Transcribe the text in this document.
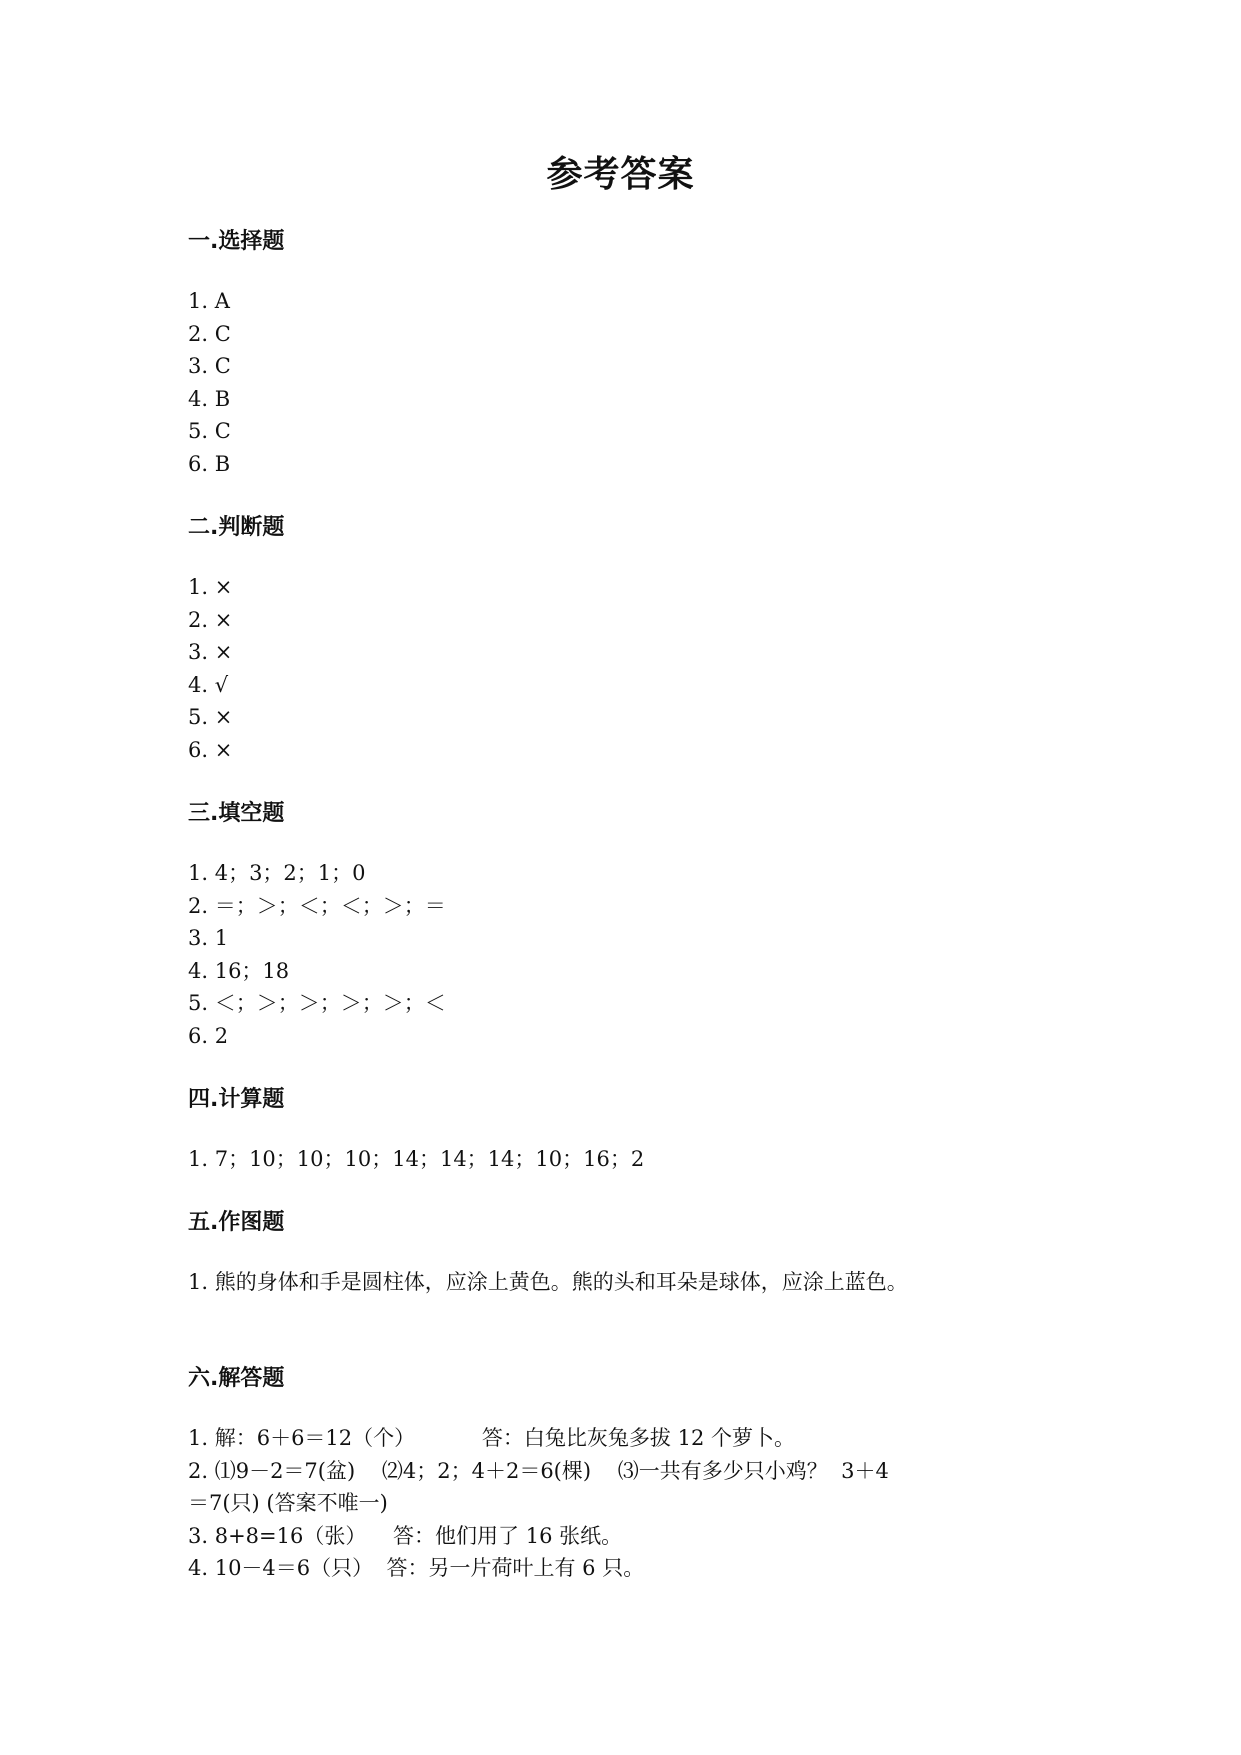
参考答案
一.选择题
1. A
2. C
3. C
4. B
5. C
6. B
二.判断题
1. ×
2. ×
3. ×
4. √
5. ×
6. ×
三.填空题
1. 4；3；2；1；0
2. ＝；＞；＜；＜；＞；＝
3. 1
4. 16；18
5. ＜；＞；＞；＞；＞；＜
6. 2
四.计算题
1. 7；10；10；10；14；14；14；10；16；2
五.作图题
1. 熊的身体和手是圆柱体，应涂上黄色。熊的头和耳朵是球体，应涂上蓝色。
六.解答题
1. 解：6＋6＝12（个）          答：白兔比灰兔多拔 12 个萝卜。
2. ⑴9－2＝7(盆)    ⑵4；2；4＋2＝6(棵)    ⑶一共有多少只小鸡？  3＋4
＝7(只) (答案不唯一)
3. 8+8=16（张）    答：他们用了 16 张纸。
4. 10－4＝6（只）  答：另一片荷叶上有 6 只。
